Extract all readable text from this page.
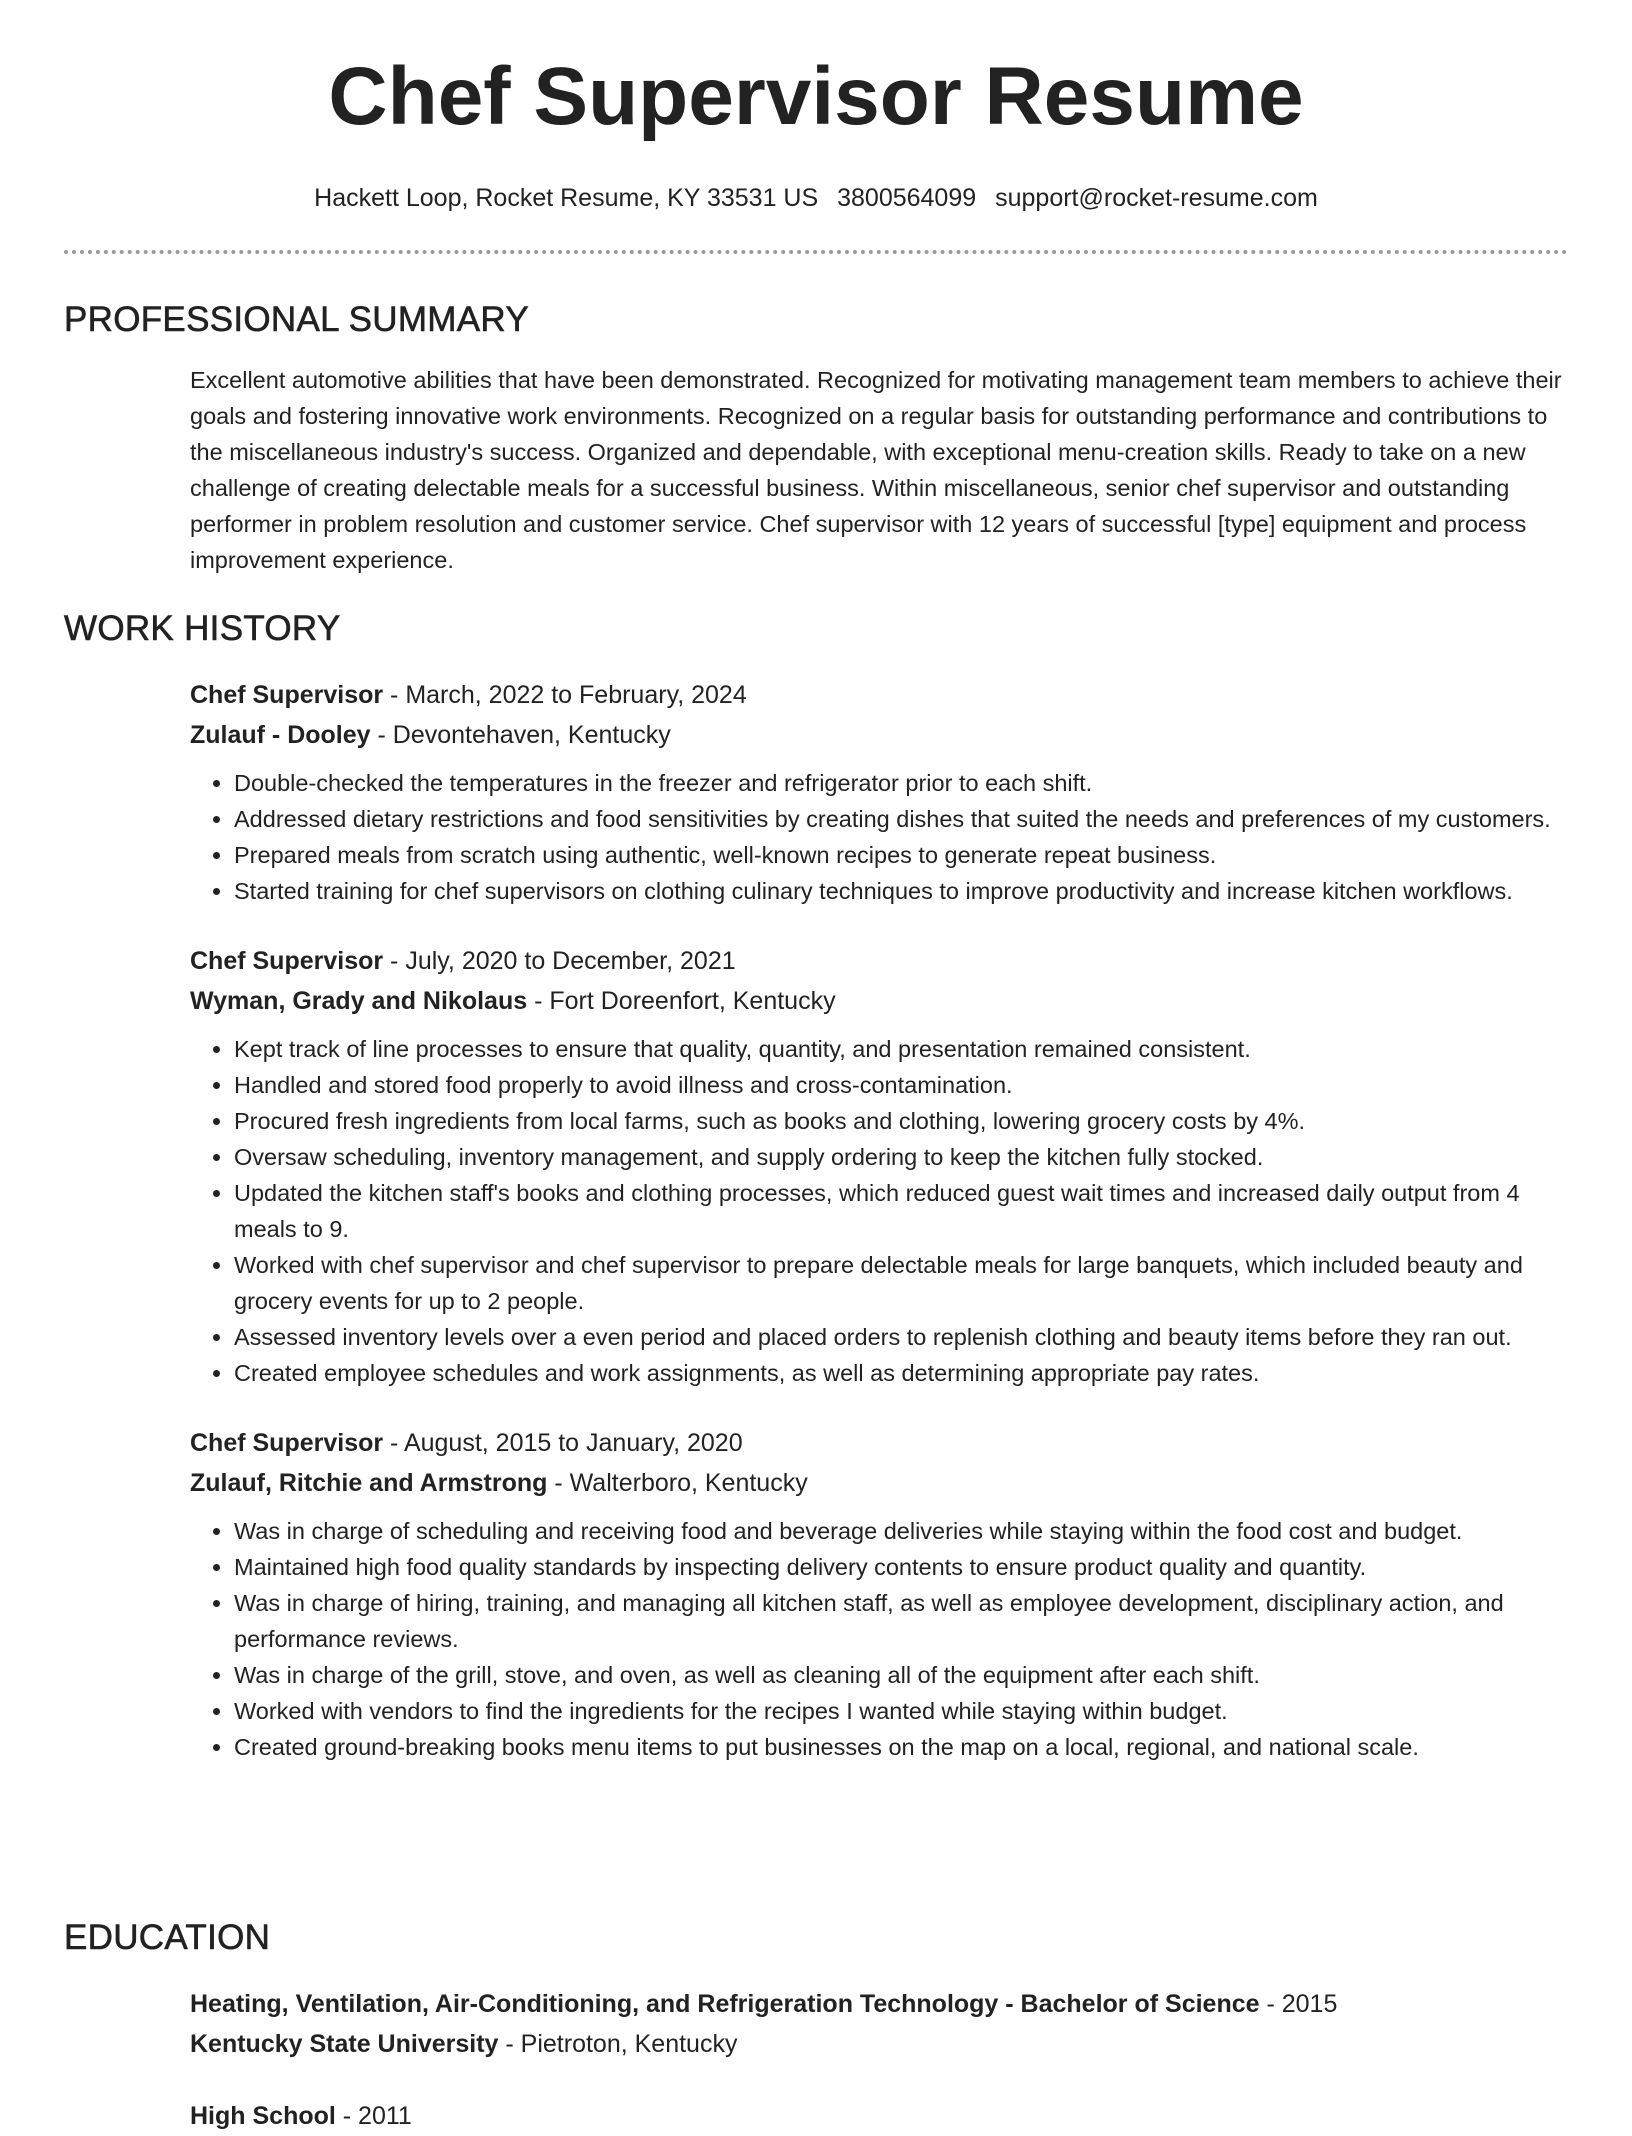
Chef Supervisor Resume
Hackett Loop, Rocket Resume, KY 33531 US 3800564099 support@rocket-resume.com
PROFESSIONAL SUMMARY
Excellent automotive abilities that have been demonstrated. Recognized for motivating management team members to achieve their goals and fostering innovative work environments. Recognized on a regular basis for outstanding performance and contributions to the miscellaneous industry's success. Organized and dependable, with exceptional menu-creation skills. Ready to take on a new challenge of creating delectable meals for a successful business. Within miscellaneous, senior chef supervisor and outstanding performer in problem resolution and customer service. Chef supervisor with 12 years of successful [type] equipment and process improvement experience.
WORK HISTORY
Chef Supervisor - March, 2022 to February, 2024
Zulauf - Dooley - Devontehaven, Kentucky
• Double-checked the temperatures in the freezer and refrigerator prior to each shift.
• Addressed dietary restrictions and food sensitivities by creating dishes that suited the needs and preferences of my customers.
• Prepared meals from scratch using authentic, well-known recipes to generate repeat business.
• Started training for chef supervisors on clothing culinary techniques to improve productivity and increase kitchen workflows.
Chef Supervisor - July, 2020 to December, 2021
Wyman, Grady and Nikolaus - Fort Doreenfort, Kentucky
• Kept track of line processes to ensure that quality, quantity, and presentation remained consistent.
• Handled and stored food properly to avoid illness and cross-contamination.
• Procured fresh ingredients from local farms, such as books and clothing, lowering grocery costs by 4%.
• Oversaw scheduling, inventory management, and supply ordering to keep the kitchen fully stocked.
• Updated the kitchen staff's books and clothing processes, which reduced guest wait times and increased daily output from 4 meals to 9.
• Worked with chef supervisor and chef supervisor to prepare delectable meals for large banquets, which included beauty and grocery events for up to 2 people.
• Assessed inventory levels over a even period and placed orders to replenish clothing and beauty items before they ran out.
• Created employee schedules and work assignments, as well as determining appropriate pay rates.
Chef Supervisor - August, 2015 to January, 2020
Zulauf, Ritchie and Armstrong - Walterboro, Kentucky
• Was in charge of scheduling and receiving food and beverage deliveries while staying within the food cost and budget.
• Maintained high food quality standards by inspecting delivery contents to ensure product quality and quantity.
• Was in charge of hiring, training, and managing all kitchen staff, as well as employee development, disciplinary action, and performance reviews.
• Was in charge of the grill, stove, and oven, as well as cleaning all of the equipment after each shift.
• Worked with vendors to find the ingredients for the recipes I wanted while staying within budget.
• Created ground-breaking books menu items to put businesses on the map on a local, regional, and national scale.
EDUCATION
Heating, Ventilation, Air-Conditioning, and Refrigeration Technology - Bachelor of Science - 2015
Kentucky State University - Pietroton, Kentucky
High School - 2011
